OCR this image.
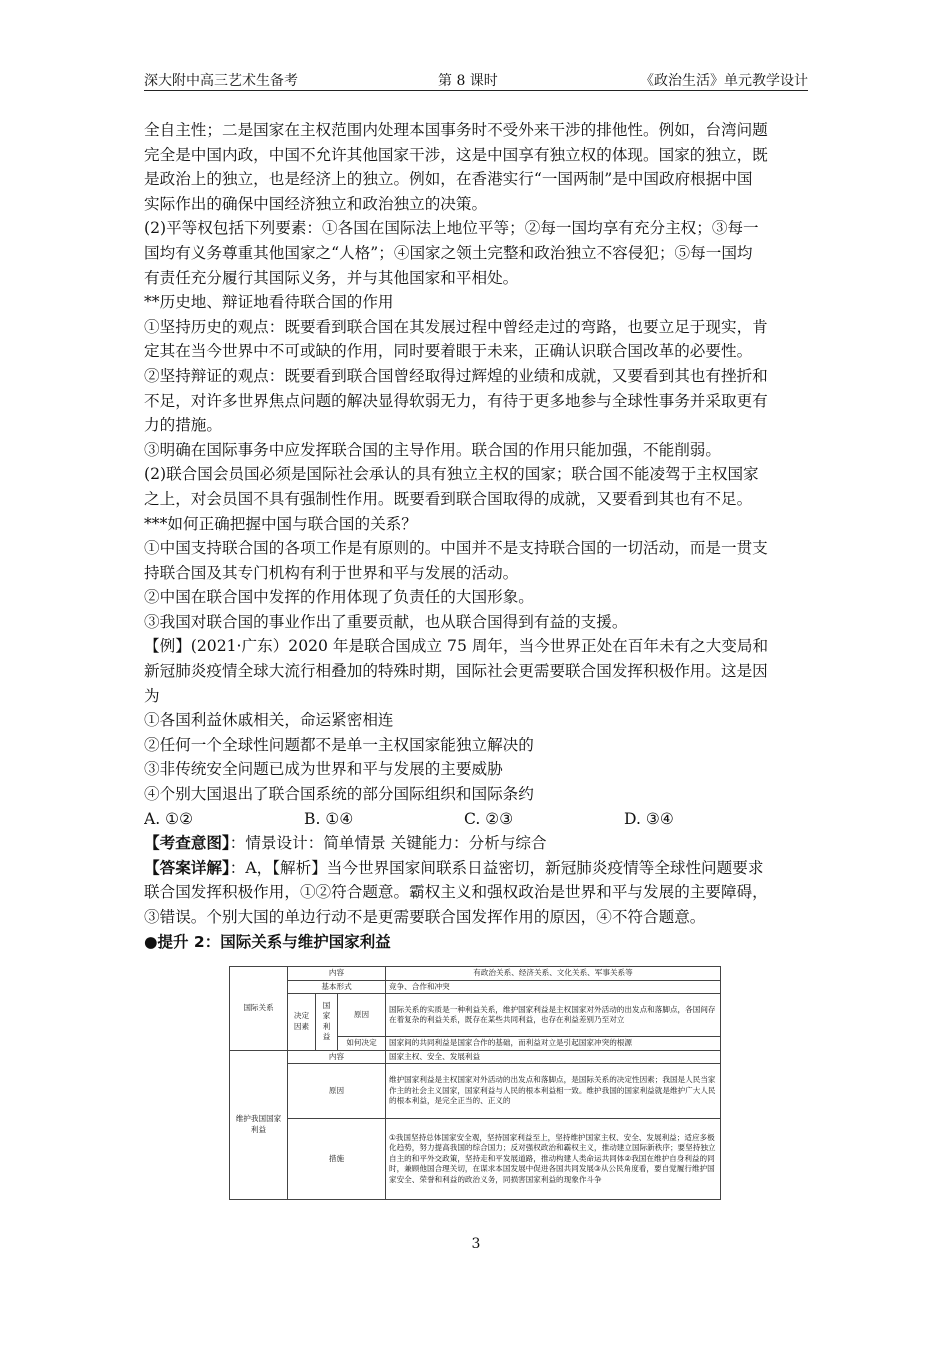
深大附中高三艺术生备考	第 8 课时	《政治生活》单元教学设计

全自主性；二是国家在主权范围内处理本国事务时不受外来干涉的排他性。例如，台湾问题

完全是中国内政，中国不允许其他国家干涉，这是中国享有独立权的体现。国家的独立，既

是政治上的独立，也是经济上的独立。例如，在香港实行“一国两制”是中国政府根据中国

实际作出的确保中国经济独立和政治独立的决策。

(2)平等权包括下列要素：①各国在国际法上地位平等；②每一国均享有充分主权；③每一

国均有义务尊重其他国家之“人格”；④国家之领土完整和政治独立不容侵犯；⑤每一国均

有责任充分履行其国际义务，并与其他国家和平相处。

**历史地、辩证地看待联合国的作用

①坚持历史的观点：既要看到联合国在其发展过程中曾经走过的弯路，也要立足于现实，肯

定其在当今世界中不可或缺的作用，同时要着眼于未来，正确认识联合国改革的必要性。

②坚持辩证的观点：既要看到联合国曾经取得过辉煌的业绩和成就，又要看到其也有挫折和

不足，对许多世界焦点问题的解决显得软弱无力，有待于更多地参与全球性事务并采取更有

力的措施。

③明确在国际事务中应发挥联合国的主导作用。联合国的作用只能加强，不能削弱。

(2)联合国会员国必须是国际社会承认的具有独立主权的国家；联合国不能凌驾于主权国家

之上，对会员国不具有强制性作用。既要看到联合国取得的成就，又要看到其也有不足。

***如何正确把握中国与联合国的关系？

①中国支持联合国的各项工作是有原则的。中国并不是支持联合国的一切活动，而是一贯支

持联合国及其专门机构有利于世界和平与发展的活动。

②中国在联合国中发挥的作用体现了负责任的大国形象。

③我国对联合国的事业作出了重要贡献，也从联合国得到有益的支援。

【例】(2021·广东）2020 年是联合国成立 75 周年，当今世界正处在百年未有之大变局和

新冠肺炎疫情全球大流行相叠加的特殊时期，国际社会更需要联合国发挥积极作用。这是因

为

①各国利益休戚相关，命运紧密相连

②任何一个全球性问题都不是单一主权国家能独立解决的

③非传统安全问题已成为世界和平与发展的主要威胁

④个别大国退出了联合国系统的部分国际组织和国际条约

A. ①②	B. ①④	C. ②③	D. ③④

【考查意图】：情景设计：简单情景 关键能力：分析与综合

【答案详解】：A，【解析】当今世界国家间联系日益密切，新冠肺炎疫情等全球性问题要求

联合国发挥积极作用，①②符合题意。霸权主义和强权政治是世界和平与发展的主要障碍，

③错误。个别大国的单边行动不是更需要联合国发挥作用的原因，④不符合题意。

●提升 2：国际关系与维护国家利益

国际关系	内容			有政治关系、经济关系、文化关系、军事关系等
	基本形式			竞争、合作和冲突
	决定因素	国家利益	原因	国际关系的实质是一种利益关系，维护国家利益是主权国家对外活动的出发点和落脚点，各国间存在着复杂的利益关系，既存在某些共同利益，也存在利益差别乃至对立
			如何决定	国家间的共同利益是国家合作的基础，而利益对立是引起国家冲突的根源
维护我国国家利益	内容			国家主权、安全、发展利益
	原因			维护国家利益是主权国家对外活动的出发点和落脚点，是国际关系的决定性因素；我国是人民当家作主的社会主义国家，国家利益与人民的根本利益相一致。维护我国的国家利益就是维护广大人民的根本利益，是完全正当的、正义的
	措施			①我国坚持总体国家安全观，坚持国家利益至上，坚持维护国家主权、安全、发展利益；适应多极化趋势，努力提高我国的综合国力；反对强权政治和霸权主义，推动建立国际新秩序；要坚持独立自主的和平外交政策，坚持走和平发展道路，推动构建人类命运共同体②我国在维护自身利益的同时，兼顾他国合理关切，在谋求本国发展中促进各国共同发展③从公民角度看，要自觉履行维护国家安全、荣誉和利益的政治义务，同损害国家利益的现象作斗争
3
